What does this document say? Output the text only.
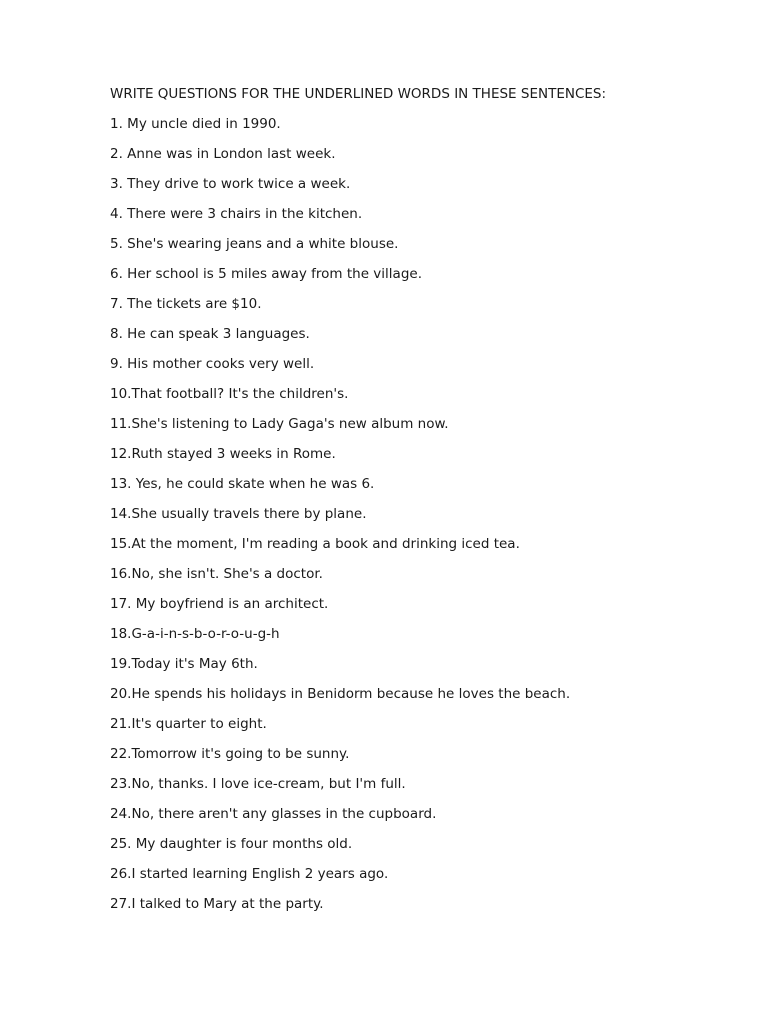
WRITE QUESTIONS FOR THE UNDERLINED WORDS IN THESE SENTENCES:
1. My uncle died in 1990.
2. Anne was in London last week.
3. They drive to work twice a week.
4. There were 3 chairs in the kitchen.
5. She's wearing jeans and a white blouse.
6. Her school is 5 miles away from the village.
7. The tickets are $10.
8. He can speak 3 languages.
9. His mother cooks very well.
10.That football? It's the children's.
11.She's listening to Lady Gaga's new album now.
12.Ruth stayed 3 weeks in Rome.
13. Yes, he could skate when he was 6.
14.She usually travels there by plane.
15.At the moment, I'm reading a book and drinking iced tea.
16.No, she isn't. She's a doctor.
17. My boyfriend is an architect.
18.G-a-i-n-s-b-o-r-o-u-g-h
19.Today it's May 6th.
20.He spends his holidays in Benidorm because he loves the beach.
21.It's quarter to eight.
22.Tomorrow it's going to be sunny.
23.No, thanks. I love ice-cream, but I'm full.
24.No, there aren't any glasses in the cupboard.
25. My daughter is four months old.
26.I started learning English 2 years ago.
27.I talked to Mary at the party.
